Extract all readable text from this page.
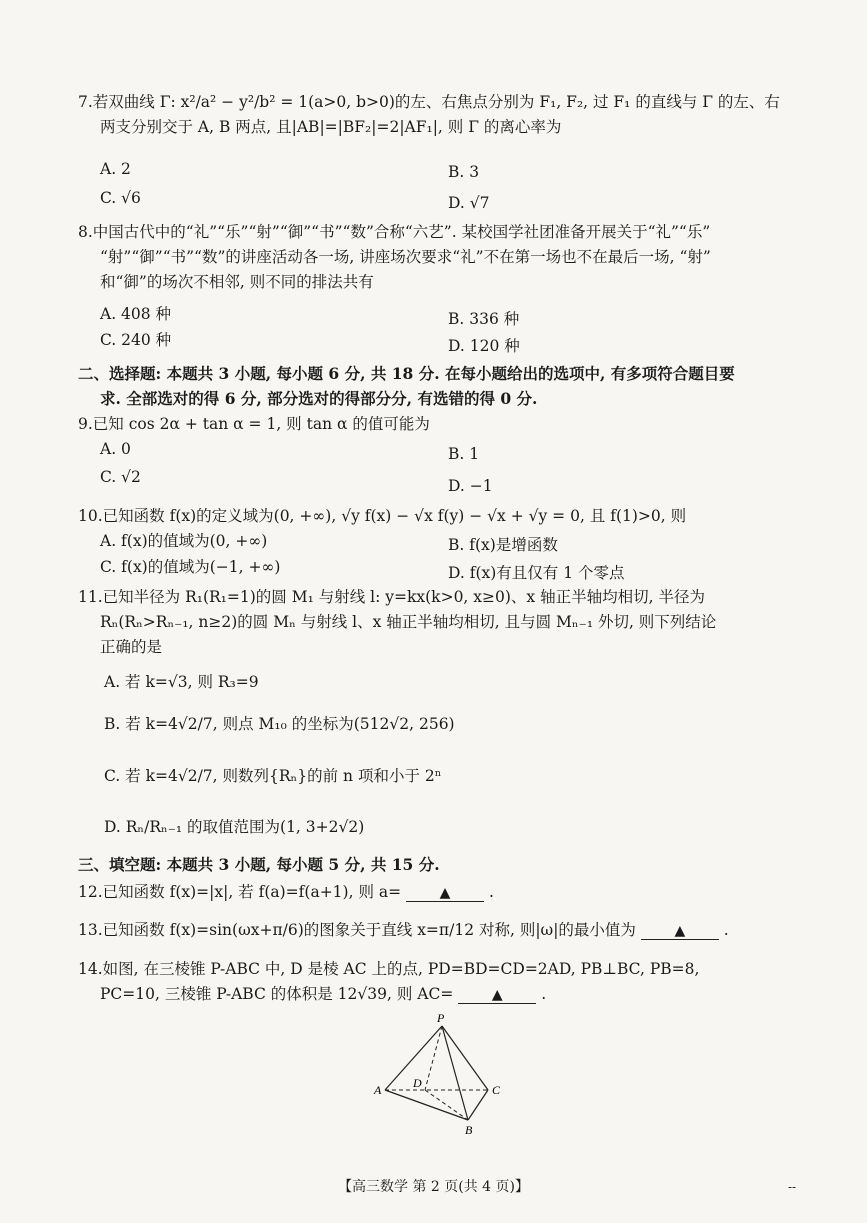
7.若双曲线 Γ: x²/a² − y²/b² = 1(a>0, b>0)的左、右焦点分别为 F₁, F₂, 过 F₁ 的直线与 Γ 的左、右
两支分别交于 A, B 两点, 且|AB|=|BF₂|=2|AF₁|, 则 Γ 的离心率为
A. 2	B. 3
C. √6	D. √7
8.中国古代中的“礼”“乐”“射”“御”“书”“数”合称“六艺”. 某校国学社团准备开展关于“礼”“乐”
“射”“御”“书”“数”的讲座活动各一场, 讲座场次要求“礼”不在第一场也不在最后一场, “射”
和“御”的场次不相邻, 则不同的排法共有
A. 408 种	B. 336 种
C. 240 种	D. 120 种
二、选择题: 本题共 3 小题, 每小题 6 分, 共 18 分. 在每小题给出的选项中, 有多项符合题目要
求. 全部选对的得 6 分, 部分选对的得部分分, 有选错的得 0 分.
9.已知 cos 2α + tan α = 1, 则 tan α 的值可能为
A. 0	B. 1
C. √2	D. −1
10.已知函数 f(x)的定义域为(0, +∞), √y f(x) − √x f(y) − √x + √y = 0, 且 f(1)>0, 则
A. f(x)的值域为(0, +∞)	B. f(x)是增函数
C. f(x)的值域为(−1, +∞)	D. f(x)有且仅有 1 个零点
11.已知半径为 R₁(R₁=1)的圆 M₁ 与射线 l: y=kx(k>0, x≥0)、x 轴正半轴均相切, 半径为
Rₙ(Rₙ>Rₙ₋₁, n≥2)的圆 Mₙ 与射线 l、x 轴正半轴均相切, 且与圆 Mₙ₋₁ 外切, 则下列结论
正确的是
A. 若 k=√3, 则 R₃=9
B. 若 k=4√2/7, 则点 M₁₀ 的坐标为(512√2, 256)
C. 若 k=4√2/7, 则数列{Rₙ}的前 n 项和小于 2ⁿ
D. Rₙ/Rₙ₋₁ 的取值范围为(1, 3+2√2)
三、填空题: 本题共 3 小题, 每小题 5 分, 共 15 分.
12.已知函数 f(x)=|x|, 若 f(a)=f(a+1), 则 a=	▲ .
13.已知函数 f(x)=sin(ωx+π/6)的图象关于直线 x=π/12 对称, 则|ω|的最小值为	▲ .
14.如图, 在三棱锥 P-ABC 中, D 是棱 AC 上的点, PD=BD=CD=2AD, PB⊥BC, PB=8,
PC=10, 三棱锥 P-ABC 的体积是 12√39, 则 AC=	▲ .
P
A	D	C
B
【高三数学 第 2 页(共 4 页)】	--
